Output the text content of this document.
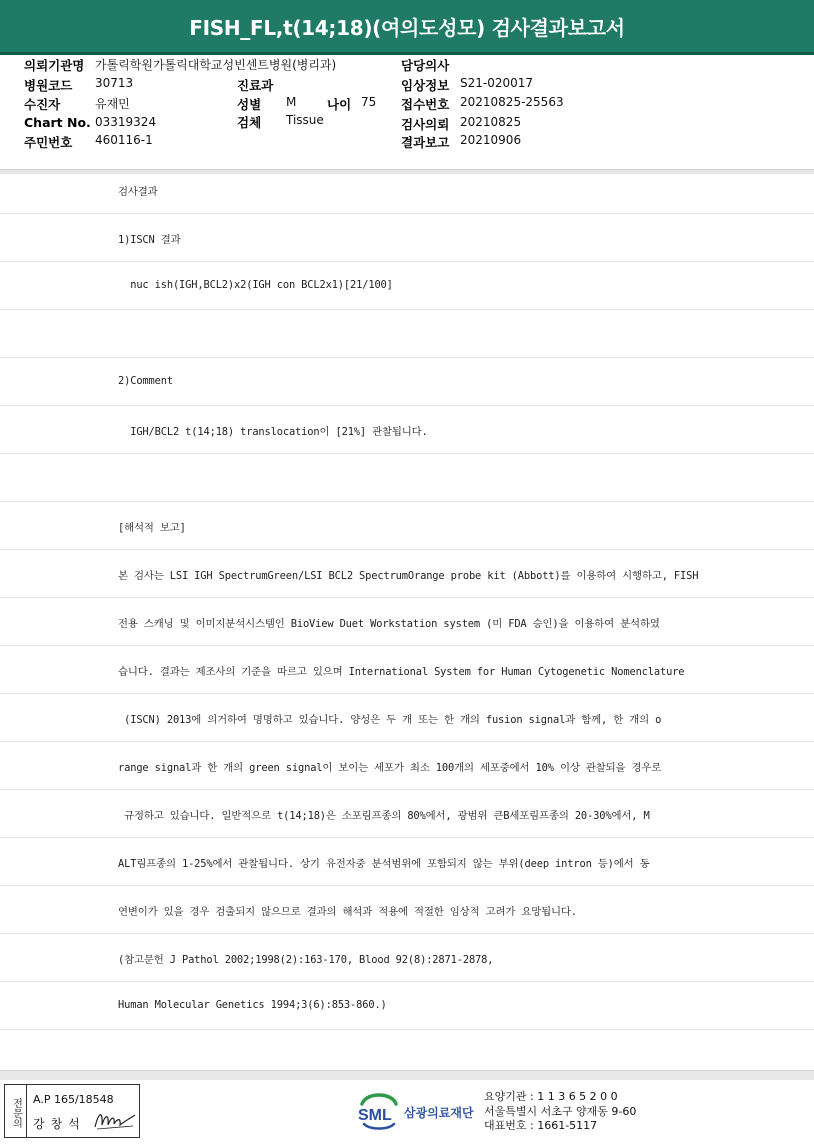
FISH_FL,t(14;18)(여의도성모) 검사결과보고서
의뢰기관명 가톨릭학원가톨릭대학교성빈센트병원(병리과)
병원코드 30713
수진자	유재민
Chart No. 03319324
주민번호 460116-1
진료과
성별 M 나이 75
검체 Tissue
담당의사
임상정보 S21-020017
접수번호 20210825-25563
검사의뢰 20210825
결과보고 20210906
검사결과
1)ISCN 결과
nuc ish(IGH,BCL2)x2(IGH con BCL2x1)[21/100]
2)Comment
IGH/BCL2 t(14;18) translocation이 [21%] 관찰됩니다.
[해석적 보고]
본 검사는 LSI IGH SpectrumGreen/LSI BCL2 SpectrumOrange probe kit (Abbott)를 이용하여 시행하고, FISH
전용 스캐닝 및 이미지분석시스템인 BioView Duet Workstation system (미 FDA 승인)을 이용하여 분석하였
습니다. 결과는 제조사의 기준을 따르고 있으며 International System for Human Cytogenetic Nomenclature
(ISCN) 2013에 의거하여 명명하고 있습니다. 양성은 두 개 또는 한 개의 fusion signal과 함께, 한 개의 o
range signal과 한 개의 green signal이 보이는 세포가 최소 100개의 세포중에서 10% 이상 관찰되을 경우로
규정하고 있습니다. 일반적으로 t(14;18)은 소포림프종의 80%에서, 광범위 큰B세포림프종의 20-30%에서, M
ALT림프종의 1-25%에서 관찰됩니다. 상기 유전자중 분석범위에 포함되지 않는 부위(deep intron 등)에서 동
연변이가 있을 경우 검출되지 않으므로 결과의 해석과 적용에 적절한 임상적 고려가 요망됩니다.
(참고문헌 J Pathol 2002;1998(2):163-170, Blood 92(8):2871-2878,
Human Molecular Genetics 1994;3(6):853-860.)
전문의	A.P 165/18548
강창석	SML 삼광의료재단
요양기관 : 1 1 3 6 5 2 0 0
서울특별시 서초구 양재동 9-60
대표번호 : 1661-5117
